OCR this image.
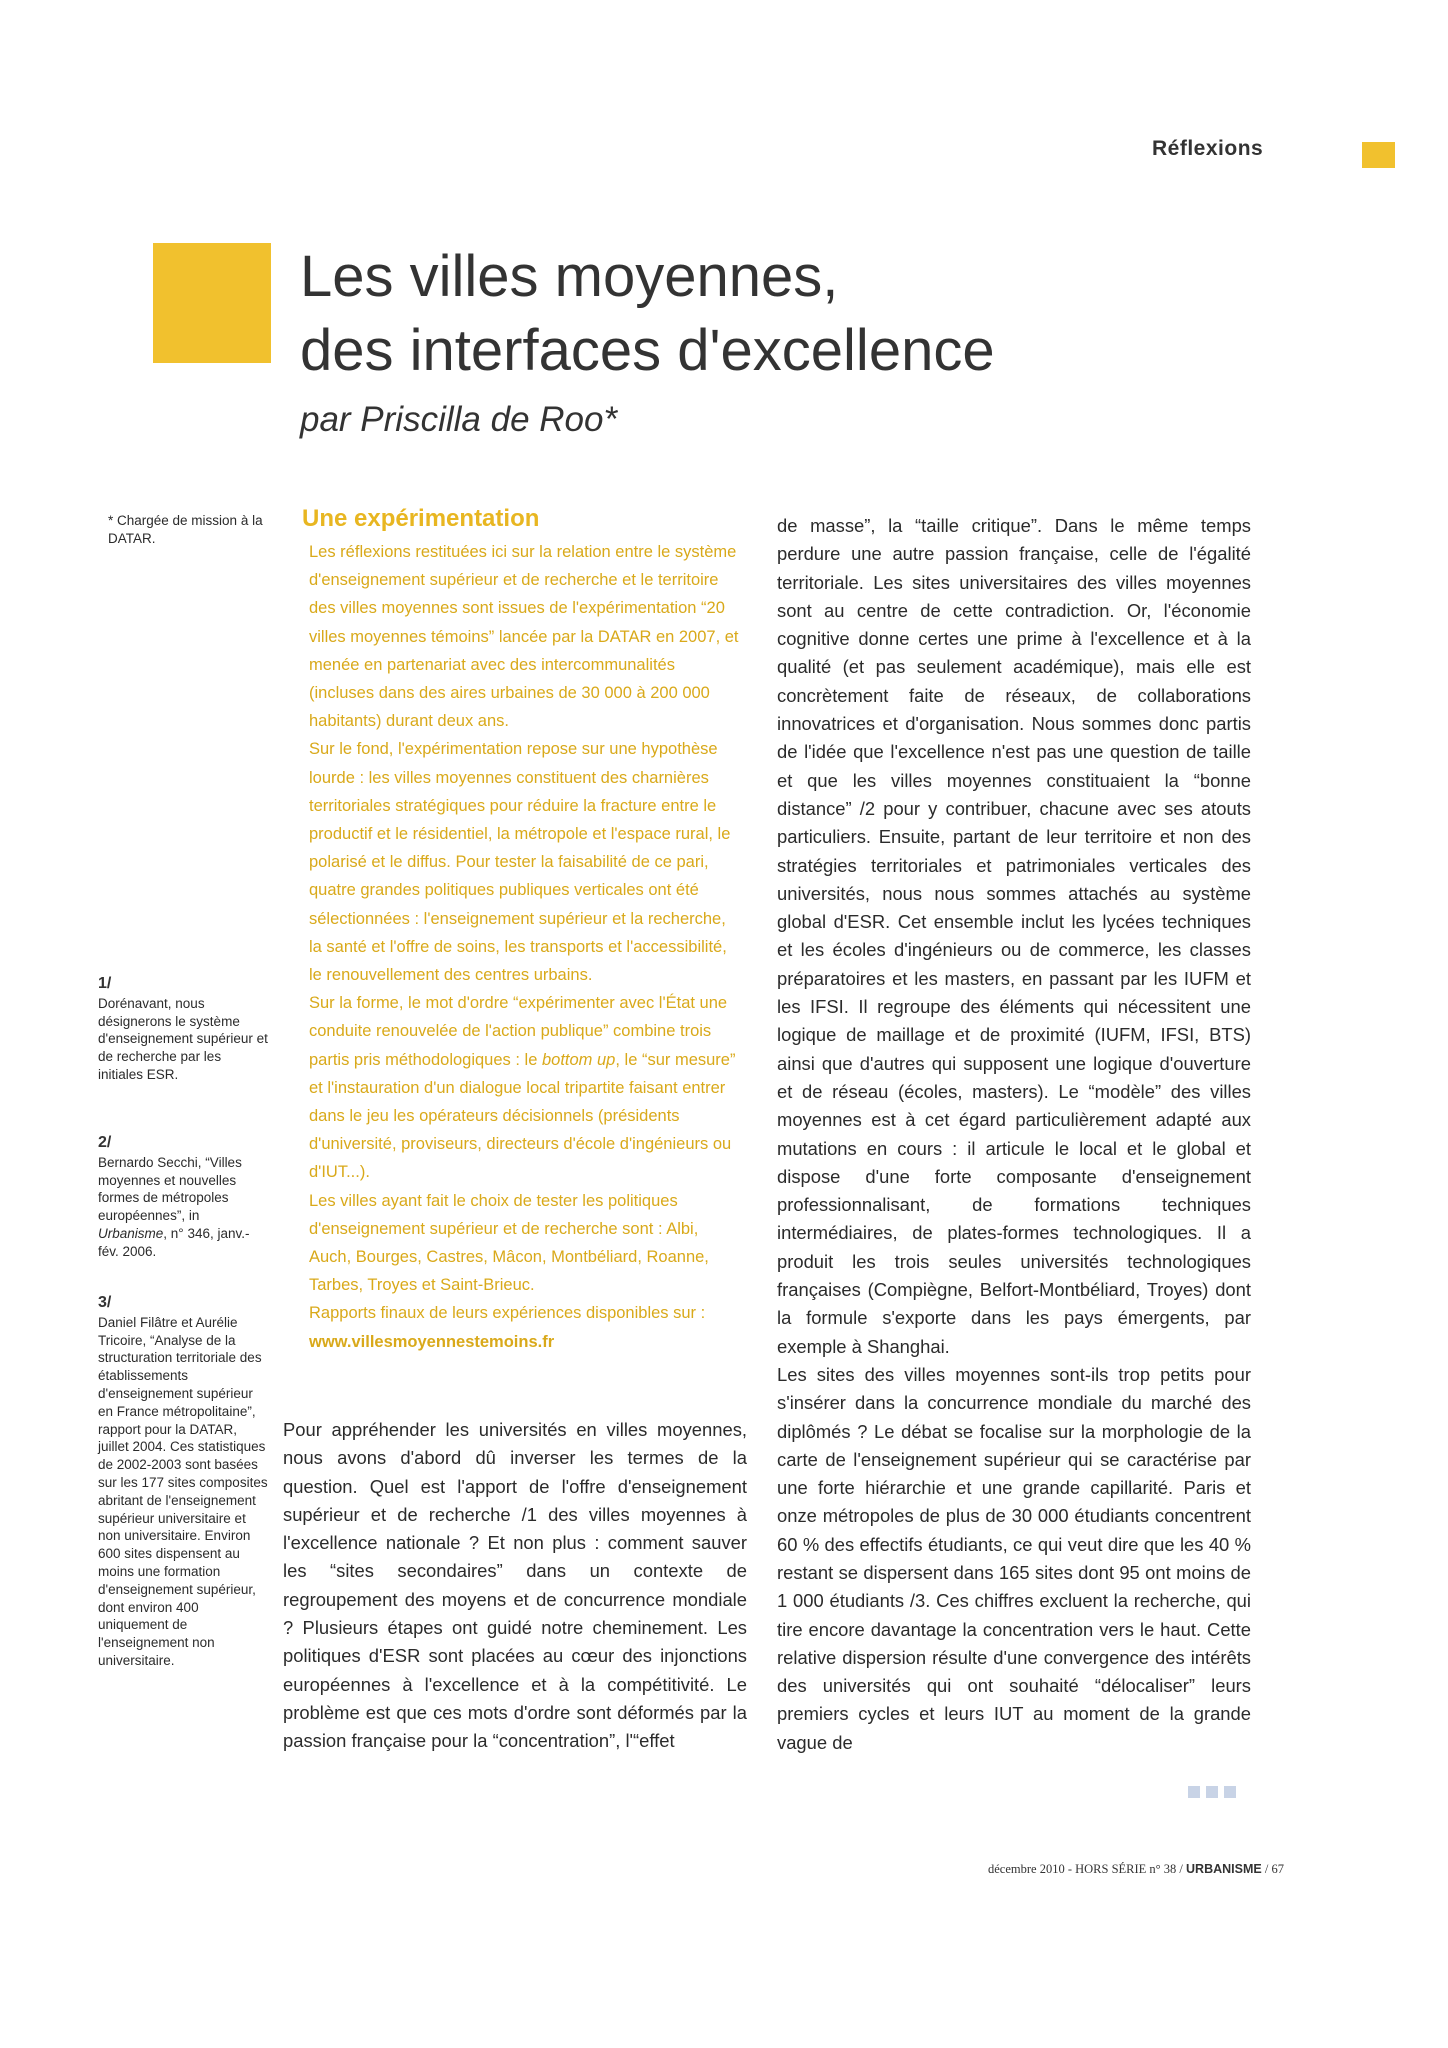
Réflexions
Les villes moyennes,
des interfaces d'excellence
par Priscilla de Roo*
* Chargée de mission à la DATAR.
1/
Dorénavant, nous désignerons le système d'enseignement supérieur et de recherche par les initiales ESR.
2/
Bernardo Secchi, “Villes moyennes et nouvelles formes de métropoles européennes”, in Urbanisme, n° 346, janv.-fév. 2006.
3/
Daniel Filâtre et Aurélie Tricoire, “Analyse de la structuration territoriale des établissements d'enseignement supérieur en France métropolitaine”, rapport pour la DATAR, juillet 2004. Ces statistiques de 2002-2003 sont basées sur les 177 sites composites abritant de l'enseignement supérieur universitaire et non universitaire. Environ 600 sites dispensent au moins une formation d'enseignement supérieur, dont environ 400 uniquement de l'enseignement non universitaire.
Une expérimentation

Les réflexions restituées ici sur la relation entre le système d'enseignement supérieur et de recherche et le territoire des villes moyennes sont issues de l'expérimentation “20 villes moyennes témoins” lancée par la DATAR en 2007, et menée en partenariat avec des intercommunalités (incluses dans des aires urbaines de 30 000 à 200 000 habitants) durant deux ans.

Sur le fond, l'expérimentation repose sur une hypothèse lourde : les villes moyennes constituent des charnières territoriales stratégiques pour réduire la fracture entre le productif et le résidentiel, la métropole et l'espace rural, le polarisé et le diffus. Pour tester la faisabilité de ce pari, quatre grandes politiques publiques verticales ont été sélectionnées : l'enseignement supérieur et la recherche, la santé et l'offre de soins, les transports et l'accessibilité, le renouvellement des centres urbains.

Sur la forme, le mot d'ordre “expérimenter avec l'État une conduite renouvelée de l'action publique” combine trois partis pris méthodologiques : le bottom up, le “sur mesure” et l'instauration d'un dialogue local tripartite faisant entrer dans le jeu les opérateurs décisionnels (présidents d'université, proviseurs, directeurs d'école d'ingénieurs ou d'IUT...).

Les villes ayant fait le choix de tester les politiques d'enseignement supérieur et de recherche sont : Albi, Auch, Bourges, Castres, Mâcon, Montbéliard, Roanne, Tarbes, Troyes et Saint-Brieuc.

Rapports finaux de leurs expériences disponibles sur :

www.villesmoyennestemoins.fr

Pour appréhender les universités en villes moyennes, nous avons d'abord dû inverser les termes de la question. Quel est l'apport de l'offre d'enseignement supérieur et de recherche /1 des villes moyennes à l'excellence nationale ? Et non plus : comment sauver les “sites secondaires” dans un contexte de regroupement des moyens et de concurrence mondiale ? Plusieurs étapes ont guidé notre cheminement. Les politiques d'ESR sont placées au cœur des injonctions européennes à l'excellence et à la compétitivité. Le problème est que ces mots d'ordre sont déformés par la passion française pour la “concentration”, l'“effet

de masse”, la “taille critique”. Dans le même temps perdure une autre passion française, celle de l'égalité territoriale. Les sites universitaires des villes moyennes sont au centre de cette contradiction. Or, l'économie cognitive donne certes une prime à l'excellence et à la qualité (et pas seulement académique), mais elle est concrètement faite de réseaux, de collaborations innovatrices et d'organisation. Nous sommes donc partis de l'idée que l'excellence n'est pas une question de taille et que les villes moyennes constituaient la “bonne distance” /2 pour y contribuer, chacune avec ses atouts particuliers. Ensuite, partant de leur territoire et non des stratégies territoriales et patrimoniales verticales des universités, nous nous sommes attachés au système global d'ESR. Cet ensemble inclut les lycées techniques et les écoles d'ingénieurs ou de commerce, les classes préparatoires et les masters, en passant par les IUFM et les IFSI. Il regroupe des éléments qui nécessitent une logique de maillage et de proximité (IUFM, IFSI, BTS) ainsi que d'autres qui supposent une logique d'ouverture et de réseau (écoles, masters). Le “modèle” des villes moyennes est à cet égard particulièrement adapté aux mutations en cours : il articule le local et le global et dispose d'une forte composante d'enseignement professionnalisant, de formations techniques intermédiaires, de plates-formes technologiques. Il a produit les trois seules universités technologiques françaises (Compiègne, Belfort-Montbéliard, Troyes) dont la formule s'exporte dans les pays émergents, par exemple à Shanghai.

Les sites des villes moyennes sont-ils trop petits pour s'insérer dans la concurrence mondiale du marché des diplômés ? Le débat se focalise sur la morphologie de la carte de l'enseignement supérieur qui se caractérise par une forte hiérarchie et une grande capillarité. Paris et onze métropoles de plus de 30 000 étudiants concentrent 60 % des effectifs étudiants, ce qui veut dire que les 40 % restant se dispersent dans 165 sites dont 95 ont moins de 1 000 étudiants /3. Ces chiffres excluent la recherche, qui tire encore davantage la concentration vers le haut. Cette relative dispersion résulte d'une convergence des intérêts des universités qui ont souhaité “délocaliser” leurs premiers cycles et leurs IUT au moment de la grande vague de

décembre 2010 - HORS SÉRIE n° 38 / URBANISME / 67
